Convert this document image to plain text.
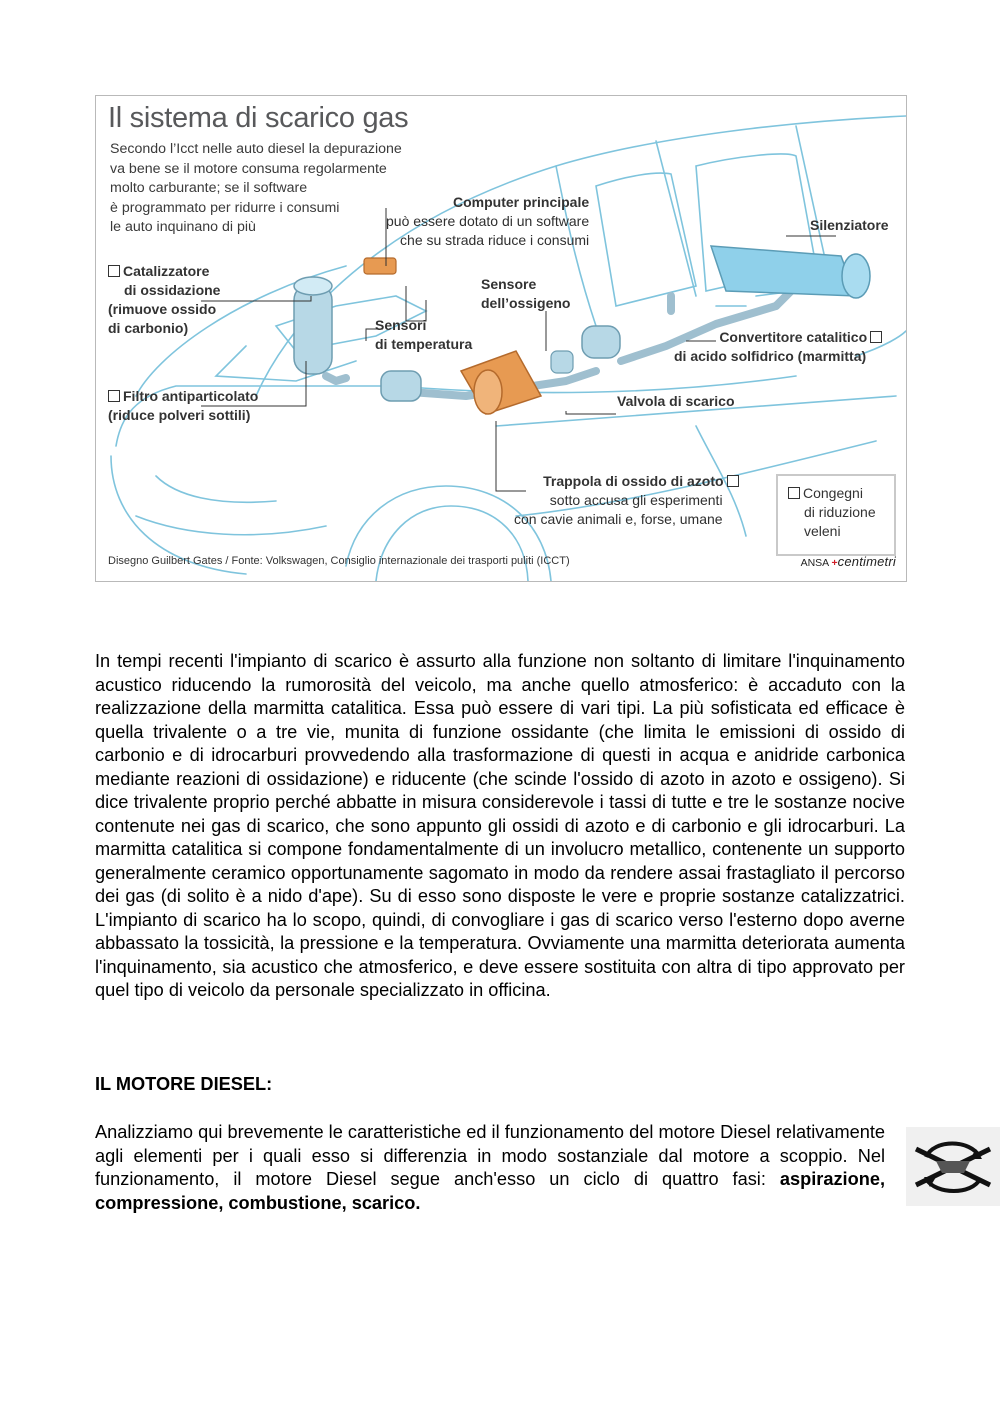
Il sistema di scarico gas
Secondo l’Icct nelle auto diesel la depurazione
va bene se il motore consuma regolarmente
molto carburante; se il software
è programmato per ridurre i consumi
le auto inquinano di più
Computer principale
può essere dotato di un software
che su strada riduce i consumi
Silenziatore
Catalizzatore
di ossidazione
(rimuove ossido
di carbonio)
Sensore
dell’ossigeno
Sensori
di temperatura	Convertitore catalitico
di acido solfidrico (marmitta)
Filtro antiparticolato
(riduce polveri sottili)
Valvola di scarico
Trappola di ossido di azoto
sotto accusa gli esperimenti
con cavie animali e, forse, umane
Congegni
di riduzione
veleni
Disegno Guilbert Gates / Fonte: Volkswagen, Consiglio internazionale dei trasporti puliti (ICCT)	ANSA +centimetri
In tempi recenti l'impianto di scarico è assurto alla funzione non soltanto di limitare l'inquinamento acustico riducendo la rumorosità del veicolo, ma anche quello atmosferico: è accaduto con la realizzazione della marmitta catalitica. Essa può essere di vari tipi. La più sofisticata ed efficace è quella trivalente o a tre vie, munita di funzione ossidante (che limita le emissioni di ossido di carbonio e di idrocarburi provvedendo alla trasformazione di questi in acqua e anidride carbonica mediante reazioni di ossidazione) e riducente (che scinde l'ossido di azoto in azoto e ossigeno). Si dice trivalente proprio perché abbatte in misura considerevole i tassi di tutte e tre le sostanze nocive contenute nei gas di scarico, che sono appunto gli ossidi di azoto e di carbonio e gli idrocarburi. La marmitta catalitica si compone fondamentalmente di un involucro metallico, contenente un supporto generalmente ceramico opportunamente sagomato in modo da rendere assai frastagliato il percorso dei gas (di solito è a nido d'ape). Su di esso sono disposte le vere e proprie sostanze catalizzatrici. L'impianto di scarico ha lo scopo, quindi, di convogliare i gas di scarico verso l'esterno dopo averne abbassato la tossicità, la pressione e la temperatura. Ovviamente una marmitta deteriorata aumenta l'inquinamento, sia acustico che atmosferico, e deve essere sostituita con altra di tipo approvato per quel tipo di veicolo da personale specializzato in officina.
IL MOTORE DIESEL:
Analizziamo qui brevemente le caratteristiche ed il funzionamento del motore Diesel relativamente agli elementi per i quali esso si differenzia in modo sostanziale dal motore a scoppio. Nel funzionamento, il motore Diesel segue anch'esso un ciclo di quattro fasi: aspirazione, compressione, combustione, scarico.
